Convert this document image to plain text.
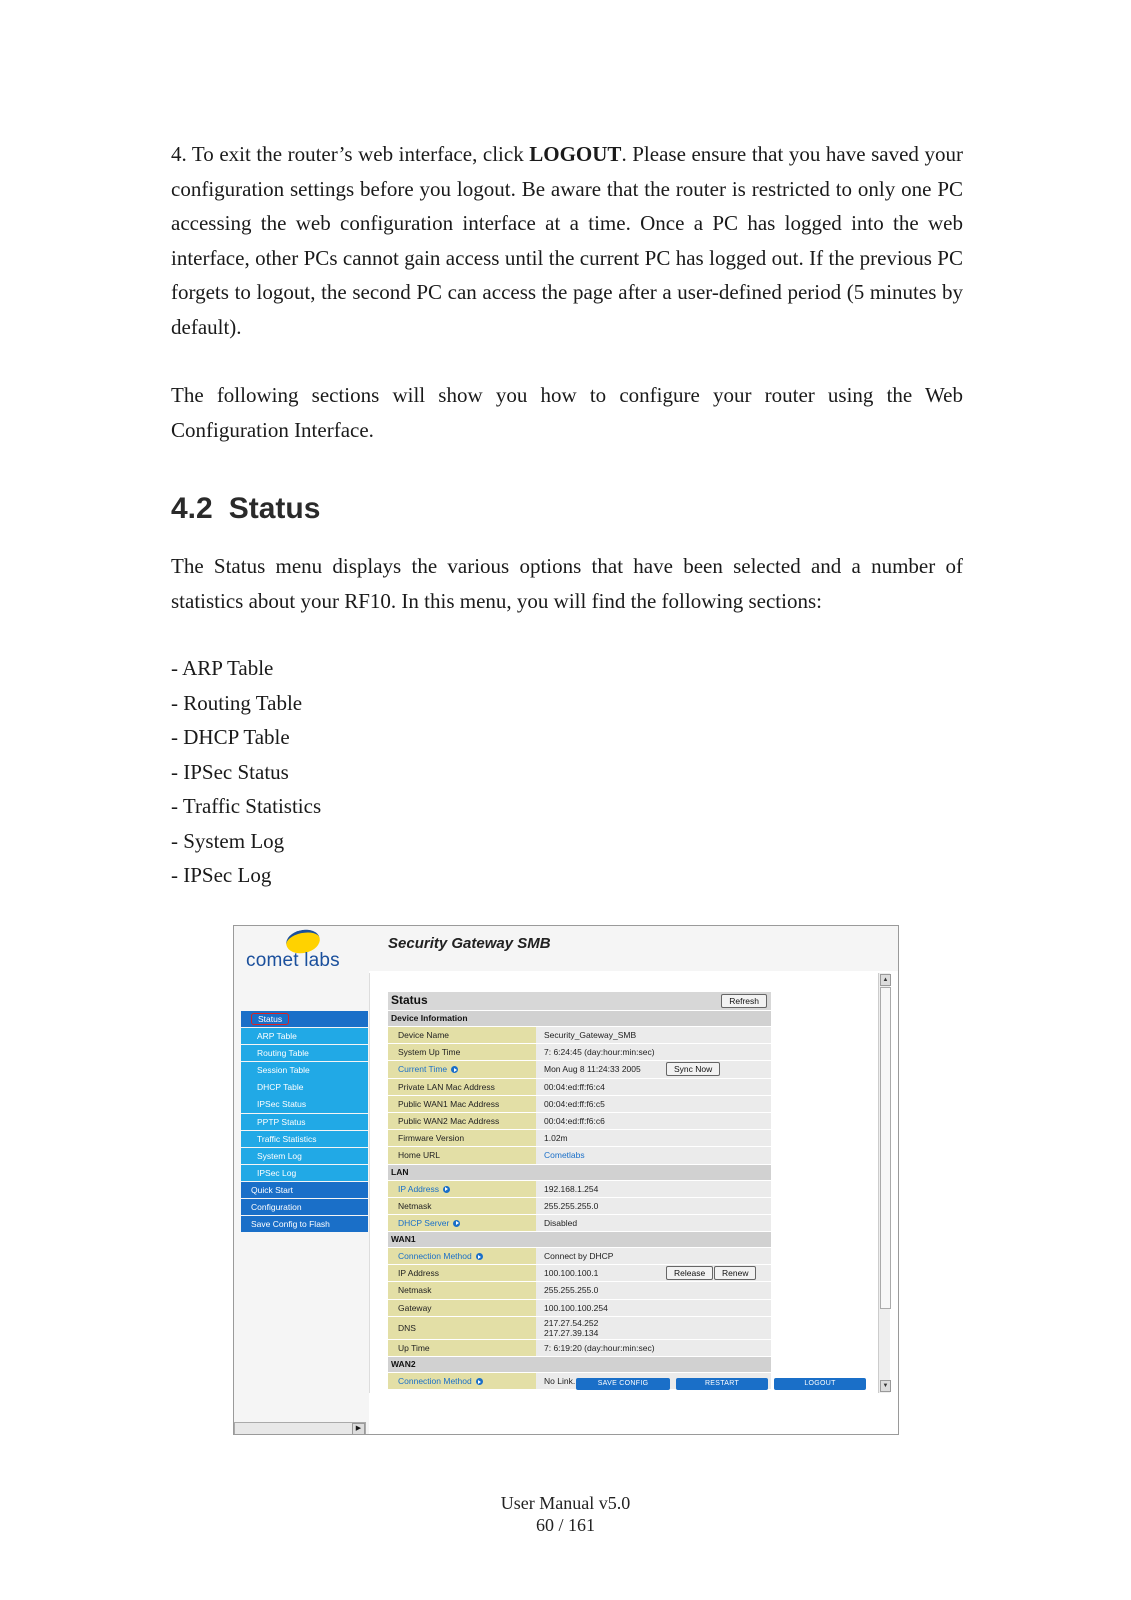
4. To exit the router’s web interface, click LOGOUT. Please ensure that you have saved your configuration settings before you logout. Be aware that the router is restricted to only one PC accessing the web configuration interface at a time. Once a PC has logged into the web interface, other PCs cannot gain access until the current PC has logged out. If the previous PC forgets to logout, the second PC can access the page after a user-defined period (5 minutes by default).

The following sections will show you how to configure your router using the Web Configuration Interface.

4.2 Status

The Status menu displays the various options that have been selected and a number of statistics about your RF10. In this menu, you will find the following sections:

- ARP Table
- Routing Table
- DHCP Table
- IPSec Status
- Traffic Statistics
- System Log
- IPSec Log
comet labs
Security Gateway SMB
Status
ARP Table
Routing Table
Session Table
DHCP Table
IPSec Status
PPTP Status
Traffic Statistics
System Log
IPSec Log
Quick Start
Configuration
Save Config to Flash
Status	Refresh
Device Information
Device Name	Security_Gateway_SMB
System Up Time	7: 6:24:45 (day:hour:min:sec)
Current Time	Mon Aug 8 11:24:33 2005	Sync Now
Private LAN Mac Address	00:04:ed:ff:f6:c4
Public WAN1 Mac Address	00:04:ed:ff:f6:c5
Public WAN2 Mac Address	00:04:ed:ff:f6:c6
Firmware Version	1.02m
Home URL	Cometlabs
LAN
IP Address	192.168.1.254
Netmask	255.255.255.0
DHCP Server	Disabled
WAN1
Connection Method	Connect by DHCP
IP Address	100.100.100.1	Release	Renew
Netmask	255.255.255.0
Gateway	100.100.100.254
DNS	217.27.54.252
217.27.39.134
Up Time	7: 6:19:20 (day:hour:min:sec)
WAN2
Connection Method	No Link.
▲
▼
SAVE CONFIG	RESTART	LOGOUT
▶
User Manual v5.0
60 / 161
